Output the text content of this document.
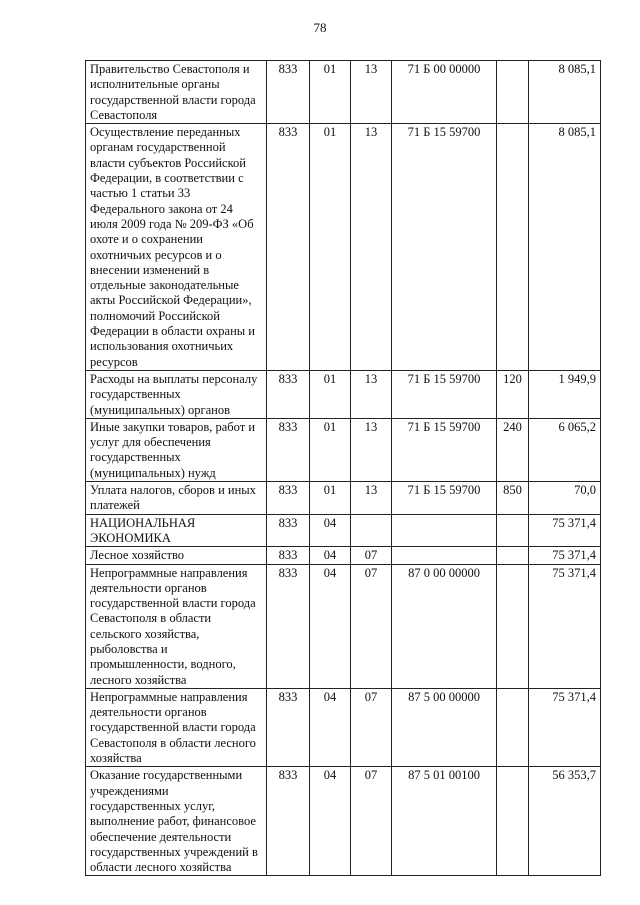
78
Правительство Севастополя и исполнительные органы государственной власти города Севастополя	833	01	13	71 Б 00 00000		8 085,1
Осуществление переданных органам государственной власти субъектов Российской Федерации, в соответствии с частью 1 статьи 33 Федерального закона от 24 июля 2009 года № 209-ФЗ «Об охоте и о сохранении охотничьих ресурсов и о внесении изменений в отдельные законодательные акты Российской Федерации», полномочий Российской Федерации в области охраны и использования охотничьих ресурсов	833	01	13	71 Б 15 59700		8 085,1
Расходы на выплаты персоналу государственных (муниципальных) органов	833	01	13	71 Б 15 59700	120	1 949,9
Иные закупки товаров, работ и услуг для обеспечения государственных (муниципальных) нужд	833	01	13	71 Б 15 59700	240	6 065,2
Уплата налогов, сборов и иных платежей	833	01	13	71 Б 15 59700	850	70,0
НАЦИОНАЛЬНАЯ ЭКОНОМИКА	833	04				75 371,4
Лесное хозяйство	833	04	07			75 371,4
Непрограммные направления деятельности органов государственной власти города Севастополя в области сельского хозяйства, рыболовства и промышленности, водного, лесного хозяйства	833	04	07	87 0 00 00000		75 371,4
Непрограммные направления деятельности органов государственной власти города Севастополя в области лесного хозяйства	833	04	07	87 5 00 00000		75 371,4
Оказание государственными учреждениями государственных услуг, выполнение работ, финансовое обеспечение деятельности государственных учреждений в области лесного хозяйства	833	04	07	87 5 01 00100		56 353,7
